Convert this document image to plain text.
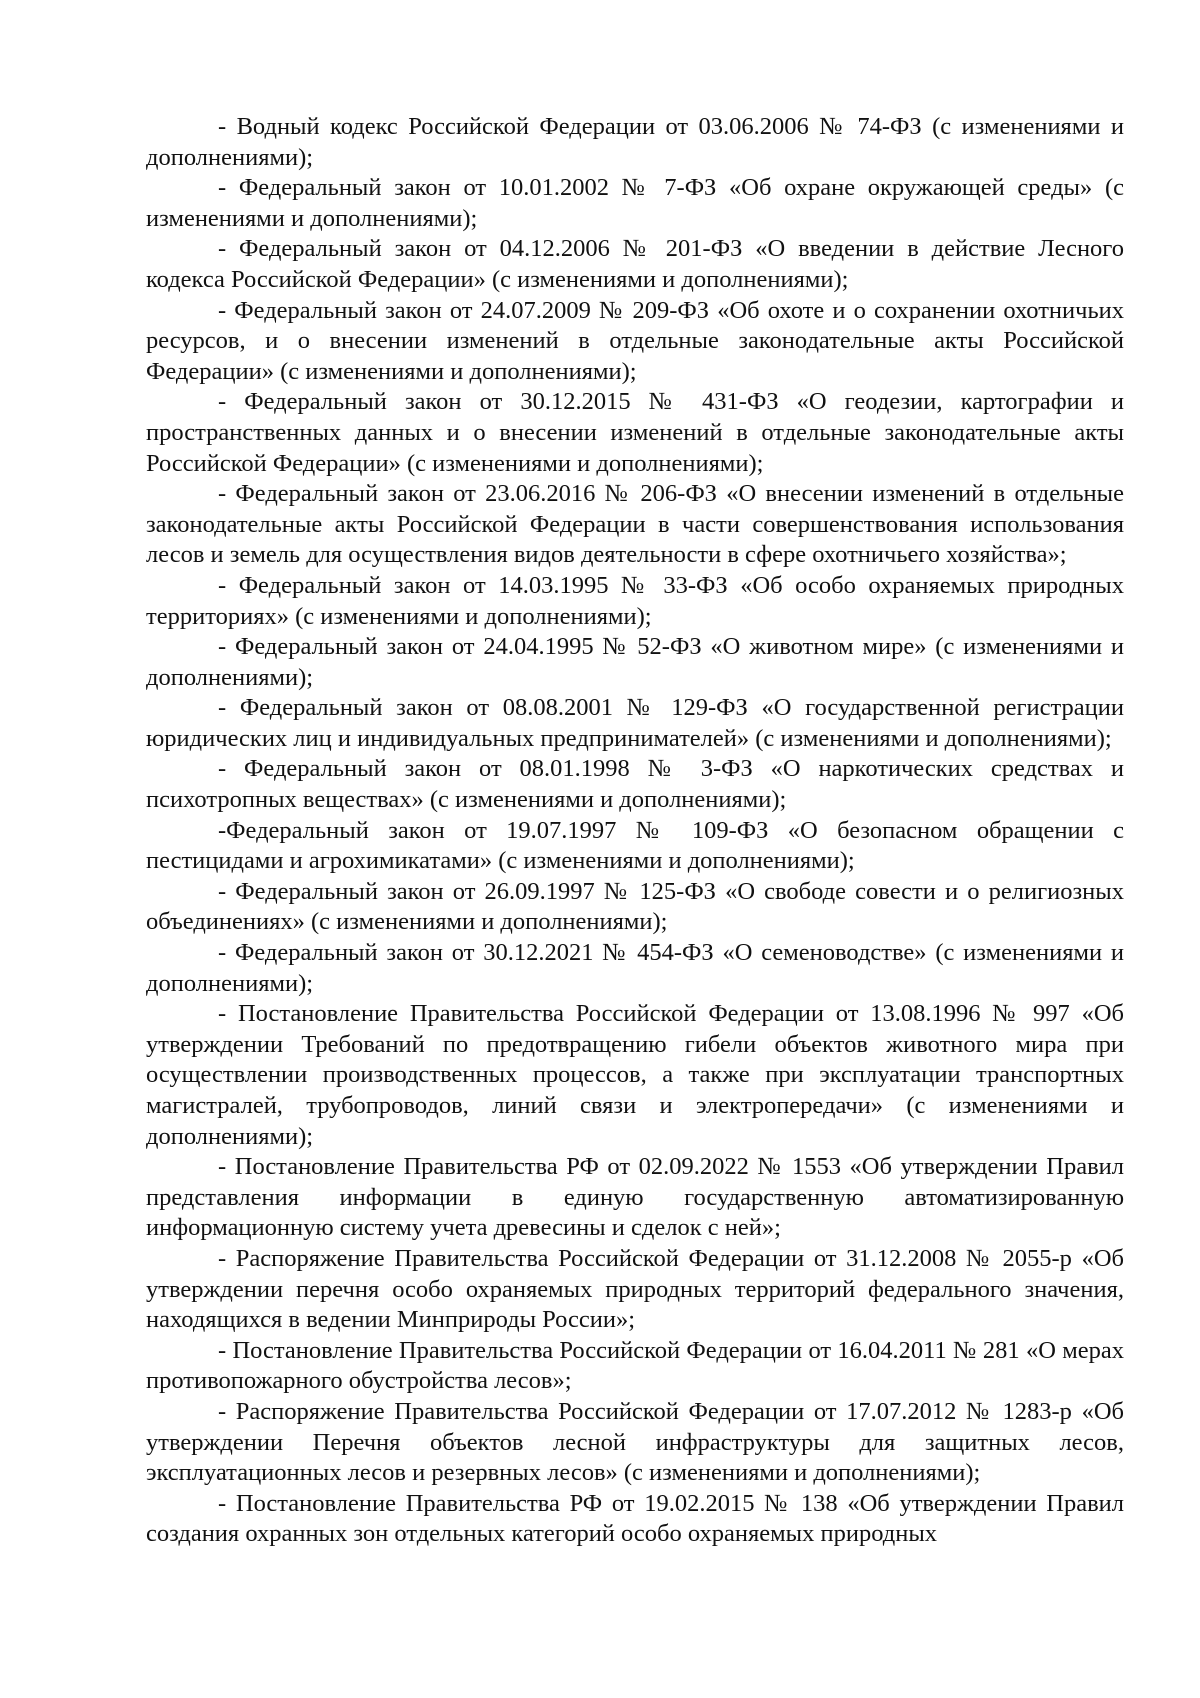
- Водный кодекс Российской Федерации от 03.06.2006 № 74-ФЗ (с изменениями и дополнениями);

- Федеральный закон от 10.01.2002 № 7-ФЗ «Об охране окружающей среды» (с изменениями и дополнениями);

- Федеральный закон от 04.12.2006 № 201-ФЗ «О введении в действие Лесного кодекса Российской Федерации» (с изменениями и дополнениями);

- Федеральный закон от 24.07.2009 № 209-ФЗ «Об охоте и о сохранении охотничьих ресурсов, и о внесении изменений в отдельные законодательные акты Российской Федерации» (с изменениями и дополнениями);

- Федеральный закон от 30.12.2015 № 431-ФЗ «О геодезии, картографии и пространственных данных и о внесении изменений в отдельные законодательные акты Российской Федерации» (с изменениями и дополнениями);

- Федеральный закон от 23.06.2016 № 206-ФЗ «О внесении изменений в отдельные законодательные акты Российской Федерации в части совершенствования использования лесов и земель для осуществления видов деятельности в сфере охотничьего хозяйства»;

- Федеральный закон от 14.03.1995 № 33-ФЗ «Об особо охраняемых природных территориях» (с изменениями и дополнениями);

- Федеральный закон от 24.04.1995 № 52-ФЗ «О животном мире» (с изменениями и дополнениями);

- Федеральный закон от 08.08.2001 № 129-ФЗ «О государственной регистрации юридических лиц и индивидуальных предпринимателей» (с изменениями и дополнениями);

- Федеральный закон от 08.01.1998 № 3-ФЗ «О наркотических средствах и психотропных веществах» (с изменениями и дополнениями);

-Федеральный закон от 19.07.1997 № 109-ФЗ «О безопасном обращении с пестицидами и агрохимикатами» (с изменениями и дополнениями);

- Федеральный закон от 26.09.1997 № 125-ФЗ «О свободе совести и о религиозных объединениях» (с изменениями и дополнениями);

- Федеральный закон от 30.12.2021 № 454-ФЗ «О семеноводстве» (с изменениями и дополнениями);

- Постановление Правительства Российской Федерации от 13.08.1996 № 997 «Об утверждении Требований по предотвращению гибели объектов животного мира при осуществлении производственных процессов, а также при эксплуатации транспортных магистралей, трубопроводов, линий связи и электропередачи» (с изменениями и дополнениями);

- Постановление Правительства РФ от 02.09.2022 № 1553 «Об утверждении Правил представления информации в единую государственную автоматизированную информационную систему учета древесины и сделок с ней»;

- Распоряжение Правительства Российской Федерации от 31.12.2008 № 2055-р «Об утверждении перечня особо охраняемых природных территорий федерального значения, находящихся в ведении Минприроды России»;

- Постановление Правительства Российской Федерации от 16.04.2011 № 281 «О мерах противопожарного обустройства лесов»;

- Распоряжение Правительства Российской Федерации от 17.07.2012 № 1283-р «Об утверждении Перечня объектов лесной инфраструктуры для защитных лесов, эксплуатационных лесов и резервных лесов» (с изменениями и дополнениями);

- Постановление Правительства РФ от 19.02.2015 № 138 «Об утверждении Правил создания охранных зон отдельных категорий особо охраняемых природных
